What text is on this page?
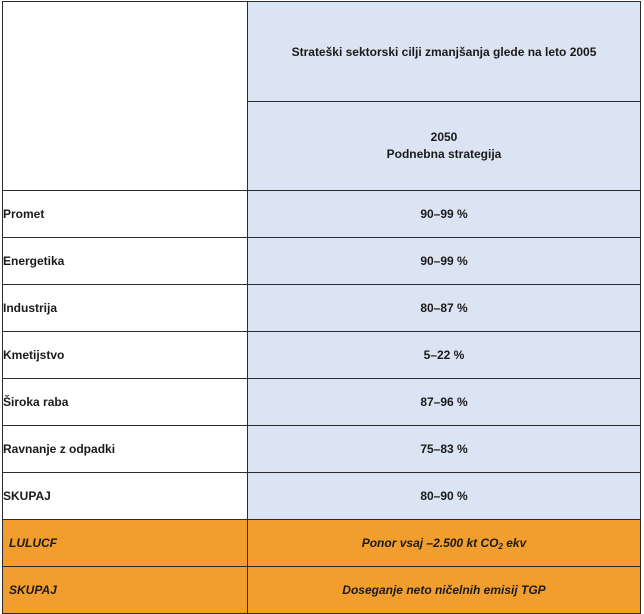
	Strateški sektorski cilji zmanjšanja glede na leto 2005

	2050
Podnebna strategija

Promet	90–99 %
Energetika	90–99 %
Industrija	80–87 %
Kmetijstvo	5–22 %
Široka raba	87–96 %
Ravnanje z odpadki	75–83 %
SKUPAJ	80–90 %
LULUCF	Ponor vsaj –2.500 kt $CO_2$ ekv
SKUPAJ	Doseganje neto ničelnih emisij TGP
